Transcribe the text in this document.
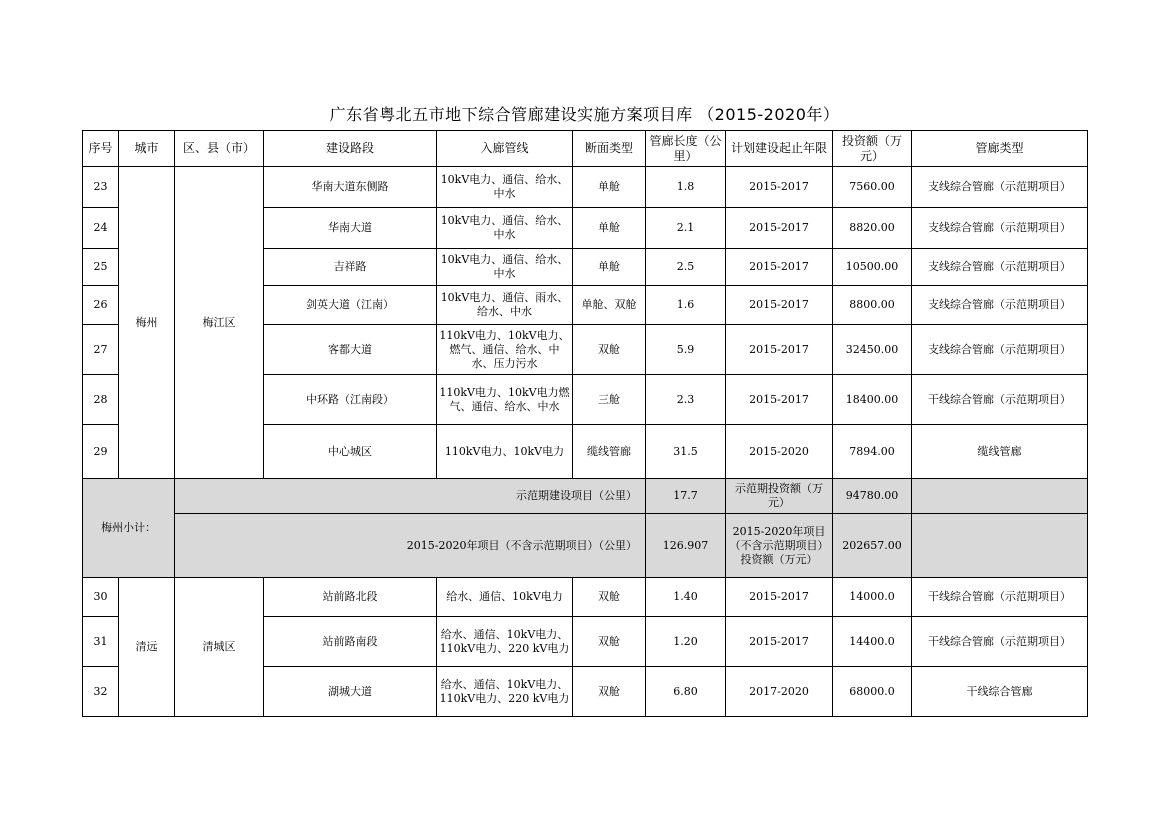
广东省粤北五市地下综合管廊建设实施方案项目库 （2015-2020年）
序号	城市	区、县（市）	建设路段	入廊管线	断面类型	管廊长度（公里）	计划建设起止年限	投资额（万元）	管廊类型
23	梅州	梅江区	华南大道东侧路	10kV电力、通信、给水、中水	单舱	1.8	2015-2017	7560.00	支线综合管廊（示范期项目）
24			华南大道	10kV电力、通信、给水、中水	单舱	2.1	2015-2017	8820.00	支线综合管廊（示范期项目）
25			吉祥路	10kV电力、通信、给水、中水	单舱	2.5	2015-2017	10500.00	支线综合管廊（示范期项目）
26			剑英大道（江南）	10kV电力、通信、雨水、给水、中水	单舱、双舱	1.6	2015-2017	8800.00	支线综合管廊（示范期项目）
27			客都大道	110kV电力、10kV电力、燃气、通信、给水、中水、压力污水	双舱	5.9	2015-2017	32450.00	支线综合管廊（示范期项目）
28			中环路（江南段）	110kV电力、10kV电力燃气、通信、给水、中水	三舱	2.3	2015-2017	18400.00	干线综合管廊（示范期项目）
29			中心城区	110kV电力、10kV电力	缆线管廊	31.5	2015-2020	7894.00	缆线管廊
梅州小计：		示范期建设项目（公里）				17.7	示范期投资额（万元）	94780.00	
		2015-2020年项目（不含示范期项目）（公里）				126.907	2015-2020年项目（不含示范期项目）投资额（万元）	202657.00	
30	清远	清城区	站前路北段	给水、通信、10kV电力	双舱	1.40	2015-2017	14000.0	干线综合管廊（示范期项目）
31			站前路南段	给水、通信、10kV电力、110kV电力、220 kV电力	双舱	1.20	2015-2017	14400.0	干线综合管廊（示范期项目）
32			湖城大道	给水、通信、10kV电力、110kV电力、220 kV电力	双舱	6.80	2017-2020	68000.0	干线综合管廊
